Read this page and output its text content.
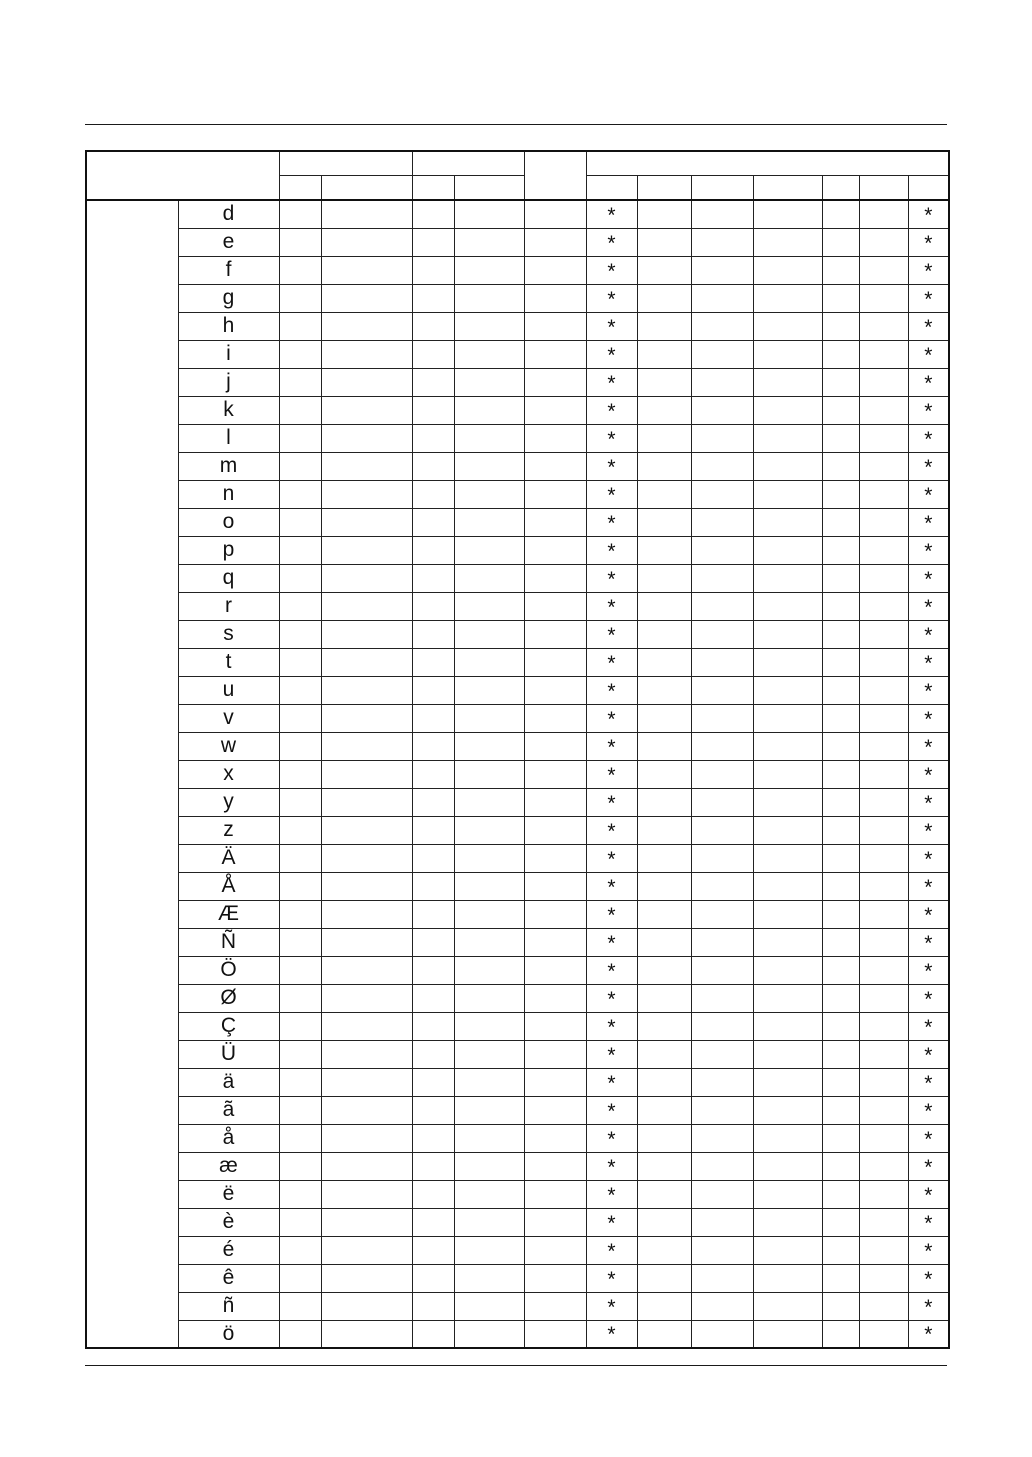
	d						*						*
	e						*						*
	f						*						*
	g						*						*
	h						*						*
	i						*						*
	j						*						*
	k						*						*
	l						*						*
	m						*						*
	n						*						*
	o						*						*
	p						*						*
	q						*						*
	r						*						*
	s						*						*
	t						*						*
	u						*						*
	v						*						*
	w						*						*
	x						*						*
	y						*						*
	z						*						*
	Ä						*						*
	Å						*						*
	Æ						*						*
	Ñ						*						*
	Ö						*						*
	Ø						*						*
	Ç						*						*
	Ü						*						*
	ä						*						*
	ã						*						*
	å						*						*
	æ						*						*
	ë						*						*
	è						*						*
	é						*						*
	ê						*						*
	ñ						*						*
	ö						*						*
